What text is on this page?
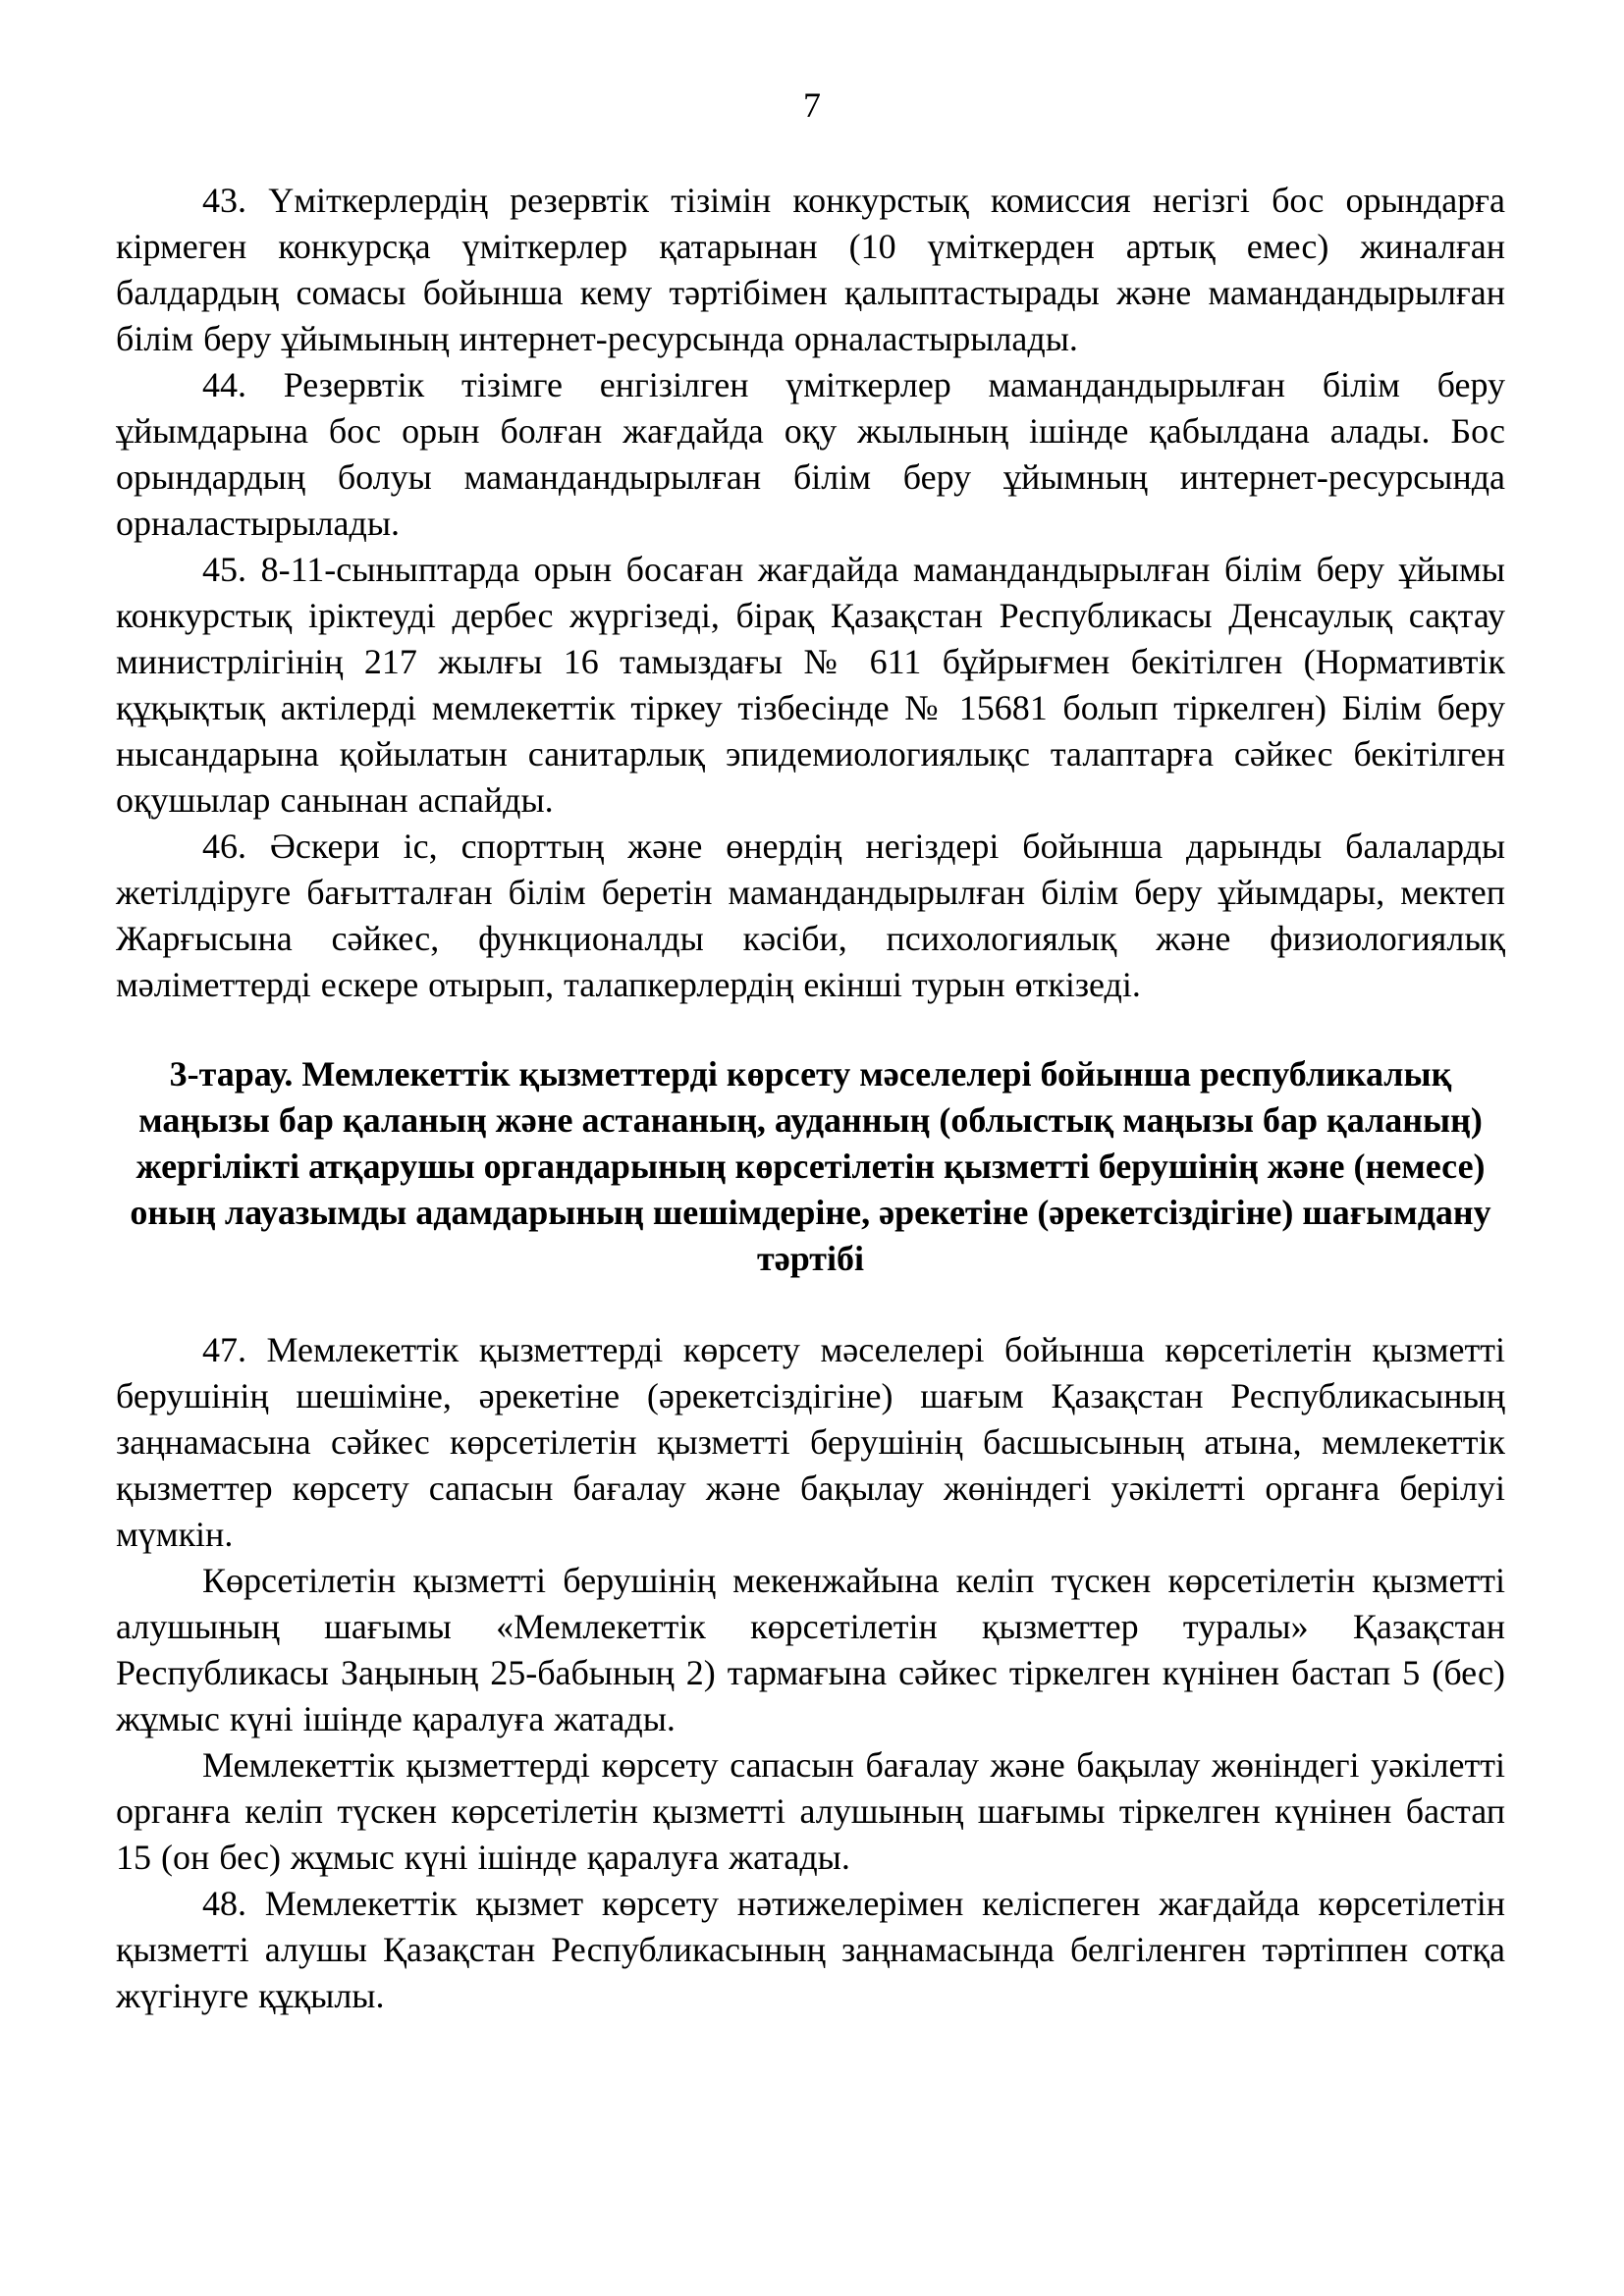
7

43. Үміткерлердің резервтік тізімін конкурстық комиссия негізгі бос орындарға кірмеген конкурсқа үміткерлер қатарынан (10 үміткерден артық емес) жиналған балдардың сомасы бойынша кему тәртібімен қалыптастырады және мамандандырылған білім беру ұйымының интернет-ресурсында орналастырылады.

44. Резервтік тізімге енгізілген үміткерлер мамандандырылған білім беру ұйымдарына бос орын болған жағдайда оқу жылының ішінде қабылдана алады. Бос орындардың болуы мамандандырылған білім беру ұйымның интернет-ресурсында орналастырылады.

45. 8-11-сыныптарда орын босаған жағдайда мамандандырылған білім беру ұйымы конкурстық іріктеуді дербес жүргізеді, бірақ Қазақстан Республикасы Денсаулық сақтау министрлігінің 217 жылғы 16 тамыздағы № 611 бұйрығмен бекітілген (Нормативтік құқықтық актілерді мемлекеттік тіркеу тізбесінде № 15681 болып тіркелген) Білім беру нысандарына қойылатын санитарлық эпидемиологиялықс талаптарға сәйкес бекітілген оқушылар санынан аспайды.

46. Әскери іс, спорттың және өнердің негіздері бойынша дарынды балаларды жетілдіруге бағытталған білім беретін мамандандырылған білім беру ұйымдары, мектеп Жарғысына сәйкес, функционалды кәсіби, психологиялық және физиологиялық мәліметтерді ескере отырып, талапкерлердің екінші турын өткізеді.

3-тарау. Мемлекеттік қызметтерді көрсету мәселелері бойынша республикалық маңызы бар қаланың және астананың, ауданның (облыстық маңызы бар қаланың) жергілікті атқарушы органдарының көрсетілетін қызметті берушінің және (немесе) оның лауазымды адамдарының шешімдеріне, әрекетіне (әрекетсіздігіне) шағымдану тәртібі

47. Мемлекеттік қызметтерді көрсету мәселелері бойынша көрсетілетін қызметті берушінің шешіміне, әрекетіне (әрекетсіздігіне) шағым Қазақстан Республикасының заңнамасына сәйкес көрсетілетін қызметті берушінің басшысының атына, мемлекеттік қызметтер көрсету сапасын бағалау және бақылау жөніндегі уәкілетті органға берілуі мүмкін.

Көрсетілетін қызметті берушінің мекенжайына келіп түскен көрсетілетін қызметті алушының шағымы «Мемлекеттік көрсетілетін қызметтер туралы» Қазақстан Республикасы Заңының 25-бабының 2) тармағына сәйкес тіркелген күнінен бастап 5 (бес) жұмыс күні ішінде қаралуға жатады.

Мемлекеттік қызметтерді көрсету сапасын бағалау және бақылау жөніндегі уәкілетті органға келіп түскен көрсетілетін қызметті алушының шағымы тіркелген күнінен бастап 15 (он бес) жұмыс күні ішінде қаралуға жатады.

48. Мемлекеттік қызмет көрсету нәтижелерімен келіспеген жағдайда көрсетілетін қызметті алушы Қазақстан Республикасының заңнамасында белгіленген тәртіппен сотқа жүгінуге құқылы.
